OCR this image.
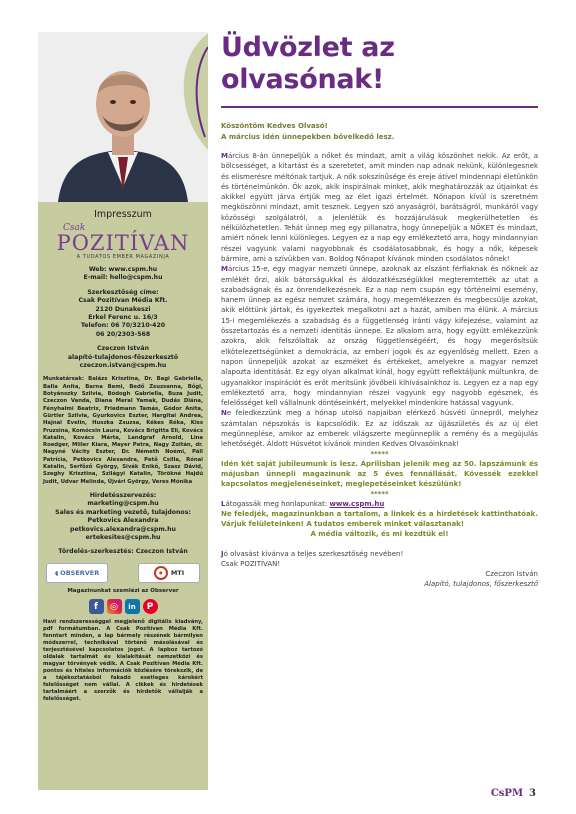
Impresszum
Csak
POZITÍVAN
A TUDATOS EMBER MAGAZINJA
Web: www.cspm.hu
E-mail: hello@cspm.hu
Szerkesztőség címe:
Csak Pozitívan Média Kft.
2120 Dunakeszi
Erkel Ferenc u. 16/3
Telefon: 06 70/3210-420
06 20/2303-568
Czeczon István
alapító-tulajdonos-főszerkesztő
czeczon.istvan@cspm.hu
Munkatársak: Balázs Krisztina, Dr. Bagi Gabriella, Balla Anita, Barna Bemi, Bedő Zsuzsanna, Bőgi, Botyánszky Szilvia, Bódogh Gabriella, Buza Judit, Czeczon Vanda, Diana Meral Yamak, Dudás Diána, Fényhalmi Beatrix, Friedmann Tamás, Gódor Anita, Gürtler Szilvia, Gyurkovics Eszter, Hargitai Andrea, Hajnal Evelin, Huszka Zsuzsa, Kékes Réka, Kiss Fruzsina, Komócsin Laura, Kovács Brigitta Eli, Kovács Katalin, Kovács Márta, Landgraf Arnold, Lina Roedger, Miller Kiara, Mayer Petra, Nagy Zoltán, dr. Nagyné Vácity Eszter, Dr. Németh Noémi, Páll Patrícia, Petkovics Alexandra, Pető Csilla, Rónai Katalin, Serfőző György, Sivák Enikő, Szasz Dávid, Szeghy Krisztina, Szilágyi Katalin, Törökné Hajdú Judit, Udvar Melinda, Újvári György, Veres Mónika
Hirdetésszervezés:
marketing@cspm.hu
Sales és marketing vezető, tulajdonos:
Petkovics Alexandra
petkovics.alexandra@cspm.hu
ertekesites@cspm.hu
Tördelés-szerkesztés: Czeczon István
◖ OBSERVER	●	MTI
Magazinunkat szemlézi az Observer
f	◎	in	P
Havi rendszerességgel megjelenő digitális kiadvány, pdf formátumban. A Csak Pozitívan Média Kft. fenntart minden, a lap bármely részének bármilyen módszerrel, technikával történő másolásával és terjesztésével kapcsolatos jogot. A lapboz tartozó oldalak tartalmát és kialakítását nemzetközi és magyar törvények védik. A Csak Pozitívan Média Kft. pontos és hiteles információk közlésére törekszik, de a tájékoztatásból fakadó esetleges károkért felelősséget nem vállal. A cikkek és hirdetések tartalmáért a szerzők és hirdetők vállalják a felelősséget.
Üdvözlet az olvasónak!
Köszöntöm Kedves Olvasó!
A március idén ünnepekben bővelkedő lesz.
Március 8-án ünnepeljük a nőket és mindazt, amit a világ köszönhet nekik. Az erőt, a bölcsességet, a kitartást és a szeretetet, amit minden nap adnak nekünk, különlegesnek és elismerésre méltónak tartjuk. A nők sokszínűsége és ereje átível mindennapi életünkön és történelmünkön. Ők azok, akik inspirálnak minket, akik meghatározzák az útjainkat és akikkel együtt járva értjük meg az élet igazi értelmét. Nőnapon kívül is szeretném megköszönni mindazt, amit tesznek. Legyen szó anyaságról, barátságról, munkáról vagy közösségi szolgálatról, a jelenlétük és hozzájárulásuk megkerülhetetlen és nélkülözhetetlen. Tehát ünnep meg egy pillanatra, hogy ünnepeljük a NŐKET és mindazt, amiért nőnek lenni különleges. Legyen ez a nap egy emlékeztető arra, hogy mindannyian részei vagyunk valami nagyobbnak és csodálatosabbnak, és hogy a nők, képesek bármire, ami a szívükben van. Boldog Nőnapot kívánok minden csodálatos nőnek!
Március 15-e, egy magyar nemzeti ünnepe, azoknak az elszánt férfiaknak és nőknek az emlékét őrzi, akik bátorságukkal és áldozatkészségükkel megteremtették az utat a szabadságnak és az önrendelkezésnek. Ez a nap nem csupán egy történelmi esemény, hanem ünnep az egész nemzet számára, hogy megemlékezzen és megbecsülje azokat, akik előttünk jártak, és igyekeztek megalkotni azt a hazát, amiben ma élünk. A március 15-i megemlékezés a szabadság és a függetlenség iránti vágy kifejezése, valamint az összetartozás és a nemzeti identitás ünnepe. Ez alkalom arra, hogy együtt emlékezzünk azokra, akik felszólaltak az ország függetlenségéért, és hogy megerősítsük elkötelezettségünket a demokrácia, az emberi jogok és az egyenlőség mellett. Ezen a napon ünnepeljük azokat az eszméket és értékeket, amelyekre a magyar nemzet alapozta identitását. Ez egy olyan alkalmat kínál, hogy együtt reflektáljunk múltunkra, de ugyanakkor inspirációt és erőt merítsünk jövőbeli kihívásainkhoz is. Legyen ez a nap egy emlékeztető arra, hogy mindannyian részei vagyunk egy nagyobb egésznek, és felelősséget kell vállalnunk döntéseinkért, melyekkel mindenkire hatással vagyunk.
Ne feledkezzünk meg a hónap utolsó napjaiban elérkező húsvéti ünnepről, melyhez számtalan népszokás is kapcsolódik. Ez az időszak az újjászületés és az új élet megünneplése, amikor az emberek világszerte megünneplik a remény és a megújulás lehetőségét. Áldott Húsvétot kívánok minden Kedves Olvasóinknak!
*****
Idén két saját jubileumunk is lesz. Áprilisban jelenik meg az 50. lapszámunk és májusban ünnepli magazinunk az 5 éves fennállását. Kövessék ezekkel kapcsolatos megjelenéseinket, meglepetéseinket készülünk!
*****
Látogassák meg honlapunkat: www.cspm.hu
Ne feledjék, magazinunkban a tartalom, a linkek és a hirdetések kattinthatóak. Várjuk felületeinken! A tudatos emberek minket választanak!
A média változik, és mi kezdtük el!
Jó olvasást kívánva a teljes szerkesztőség nevében!
Csak POZITÍVAN!
Czeczon István
Alapító, tulajdonos, főszerkesztő
CsPM 3
